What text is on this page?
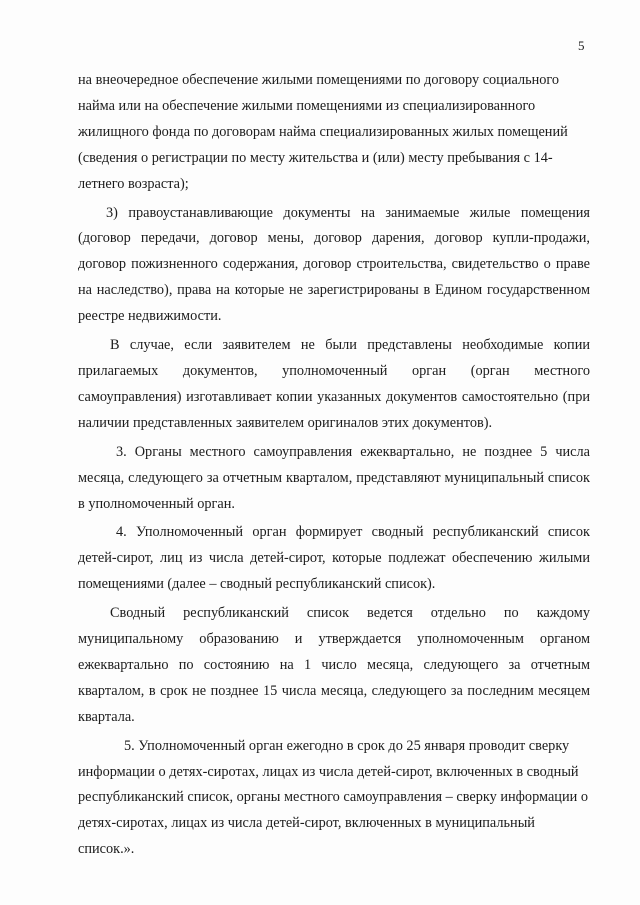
5

на внеочередное обеспечение жилыми помещениями по договору социального найма или на обеспечение жилыми помещениями из специализированного жилищного фонда по договорам найма специализированных жилых помещений (сведения о регистрации по месту жительства и (или) месту пребывания с 14-летнего возраста);

3) правоустанавливающие документы на занимаемые жилые помещения (договор передачи, договор мены, договор дарения, договор купли-продажи, договор пожизненного содержания, договор строительства, свидетельство о праве на наследство), права на которые не зарегистрированы в Едином государственном реестре недвижимости.

В случае, если заявителем не были представлены необходимые копии прилагаемых документов, уполномоченный орган (орган местного самоуправления) изготавливает копии указанных документов самостоятельно (при наличии представленных заявителем оригиналов этих документов).

3. Органы местного самоуправления ежеквартально, не позднее 5 числа месяца, следующего за отчетным кварталом, представляют муниципальный список в уполномоченный орган.

4. Уполномоченный орган формирует сводный республиканский список детей-сирот, лиц из числа детей-сирот, которые подлежат обеспечению жилыми помещениями (далее – сводный республиканский список).

Сводный республиканский список ведется отдельно по каждому муниципальному образованию и утверждается уполномоченным органом ежеквартально по состоянию на 1 число месяца, следующего за отчетным кварталом, в срок не позднее 15 числа месяца, следующего за последним месяцем квартала.

5. Уполномоченный орган ежегодно в срок до 25 января проводит сверку информации о детях-сиротах, лицах из числа детей-сирот, включенных в сводный республиканский список, органы местного самоуправления – сверку информации о детях-сиротах, лицах из числа детей-сирот, включенных в муниципальный список.».
